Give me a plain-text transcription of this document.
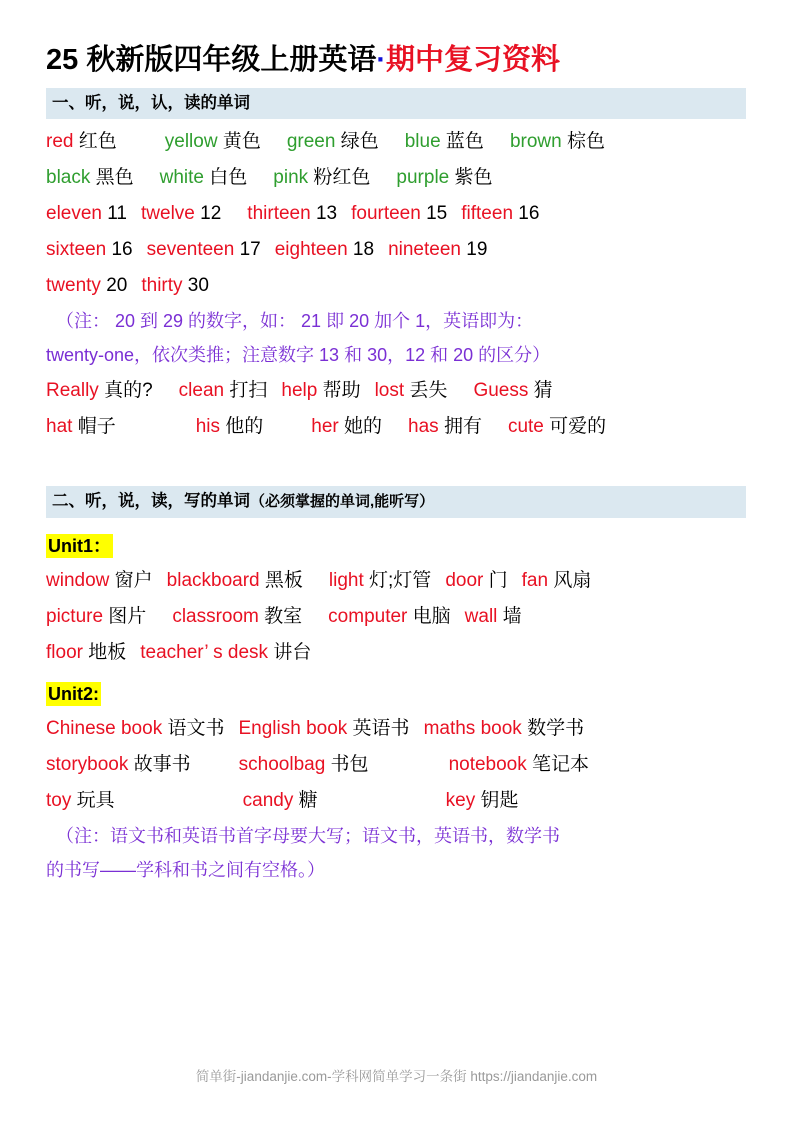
25 秋新版四年级上册英语·期中复习资料
一、听，说，认，读的单词
red 红色	yellow 黄色 green 绿色 blue 蓝色 brown 棕色
black 黑色 white 白色 pink 粉红色 purple 紫色
eleven 11 twelve 12 thirteen 13 fourteen 15 fifteen 16
sixteen 16 seventeen 17 eighteen 18 nineteen 19
twenty 20 thirty 30
（注： 20 到 29 的数字，如： 21 即 20 加个 1，英语即为：
twenty-one，依次类推；注意数字 13 和 30，12 和 20 的区分）
Really 真的? clean 打扫 help 帮助 lost 丢失 Guess 猜
hat 帽子	his 他的	her 她的 has 拥有 cute 可爱的
二、听，说，读，写的单词（必须掌握的单词,能听写）
Unit1：
window 窗户 blackboard 黑板 light 灯;灯管 door 门 fan 风扇
picture 图片 classroom 教室 computer 电脑 wall 墙
floor 地板 teacher’ s desk 讲台
Unit2:
Chinese book 语文书 English book 英语书 maths book 数学书
storybook 故事书	schoolbag 书包	notebook 笔记本
toy 玩具	candy 糖	key 钥匙
（注：语文书和英语书首字母要大写；语文书，英语书，数学书
的书写——学科和书之间有空格。）
简单街-jiandanjie.com-学科网简单学习一条街 https://jiandanjie.com
